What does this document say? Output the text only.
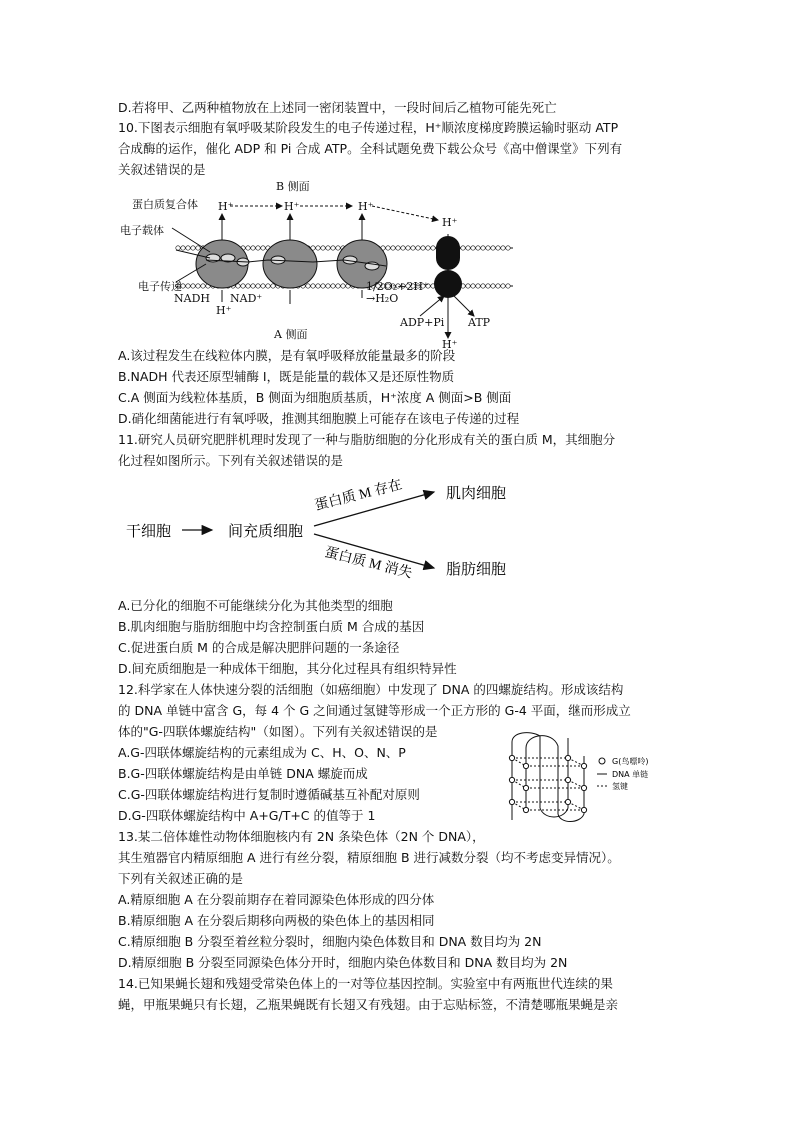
D.若将甲、乙两种植物放在上述同一密闭装置中，一段时间后乙植物可能先死亡
10.下图表示细胞有氧呼吸某阶段发生的电子传递过程，H⁺顺浓度梯度跨膜运输时驱动 ATP
合成酶的运作，催化 ADP 和 Pi 合成 ATP。全科试题免费下载公众号《高中僧课堂》下列有
关叙述错误的是
B 侧面
H⁺	H⁺	H⁺
H⁺
蛋白质复合体
电子载体
电子传递
NADH NAD⁺
H⁺
1/2O₂+2H⁺
→H₂O
ADP+Pi ATP
H⁺
A 侧面
A.该过程发生在线粒体内膜，是有氧呼吸释放能量最多的阶段
B.NADH 代表还原型辅酶 I，既是能量的载体又是还原性物质
C.A 侧面为线粒体基质，B 侧面为细胞质基质，H⁺浓度 A 侧面>B 侧面
D.硝化细菌能进行有氧呼吸，推测其细胞膜上可能存在该电子传递的过程
11.研究人员研究肥胖机理时发现了一种与脂肪细胞的分化形成有关的蛋白质 M，其细胞分
化过程如图所示。下列有关叙述错误的是
干细胞	间充质细胞
蛋白质 M 存在
蛋白质 M 消失
肌肉细胞
脂肪细胞
A.已分化的细胞不可能继续分化为其他类型的细胞
B.肌肉细胞与脂肪细胞中均含控制蛋白质 M 合成的基因
C.促进蛋白质 M 的合成是解决肥胖问题的一条途径
D.间充质细胞是一种成体干细胞，其分化过程具有组织特异性
12.科学家在人体快速分裂的活细胞（如癌细胞）中发现了 DNA 的四螺旋结构。形成该结构
的 DNA 单链中富含 G，每 4 个 G 之间通过氢键等形成一个正方形的 G-4 平面，继而形成立
体的"G-四联体螺旋结构"（如图）。下列有关叙述错误的是
A.G-四联体螺旋结构的元素组成为 C、H、O、N、P
B.G-四联体螺旋结构是由单链 DNA 螺旋而成
C.G-四联体螺旋结构进行复制时遵循碱基互补配对原则
D.G-四联体螺旋结构中 A+G/T+C 的值等于 1
G(鸟嘌呤)
DNA 单链
氢键
13.某二倍体雄性动物体细胞核内有 2N 条染色体（2N 个 DNA），
其生殖器官内精原细胞 A 进行有丝分裂，精原细胞 B 进行减数分裂（均不考虑变异情况）。
下列有关叙述正确的是
A.精原细胞 A 在分裂前期存在着同源染色体形成的四分体
B.精原细胞 A 在分裂后期移向两极的染色体上的基因相同
C.精原细胞 B 分裂至着丝粒分裂时，细胞内染色体数目和 DNA 数目均为 2N
D.精原细胞 B 分裂至同源染色体分开时，细胞内染色体数目和 DNA 数目均为 2N
14.已知果蝇长翅和残翅受常染色体上的一对等位基因控制。实验室中有两瓶世代连续的果
蝇，甲瓶果蝇只有长翅，乙瓶果蝇既有长翅又有残翅。由于忘贴标签，不清楚哪瓶果蝇是亲
